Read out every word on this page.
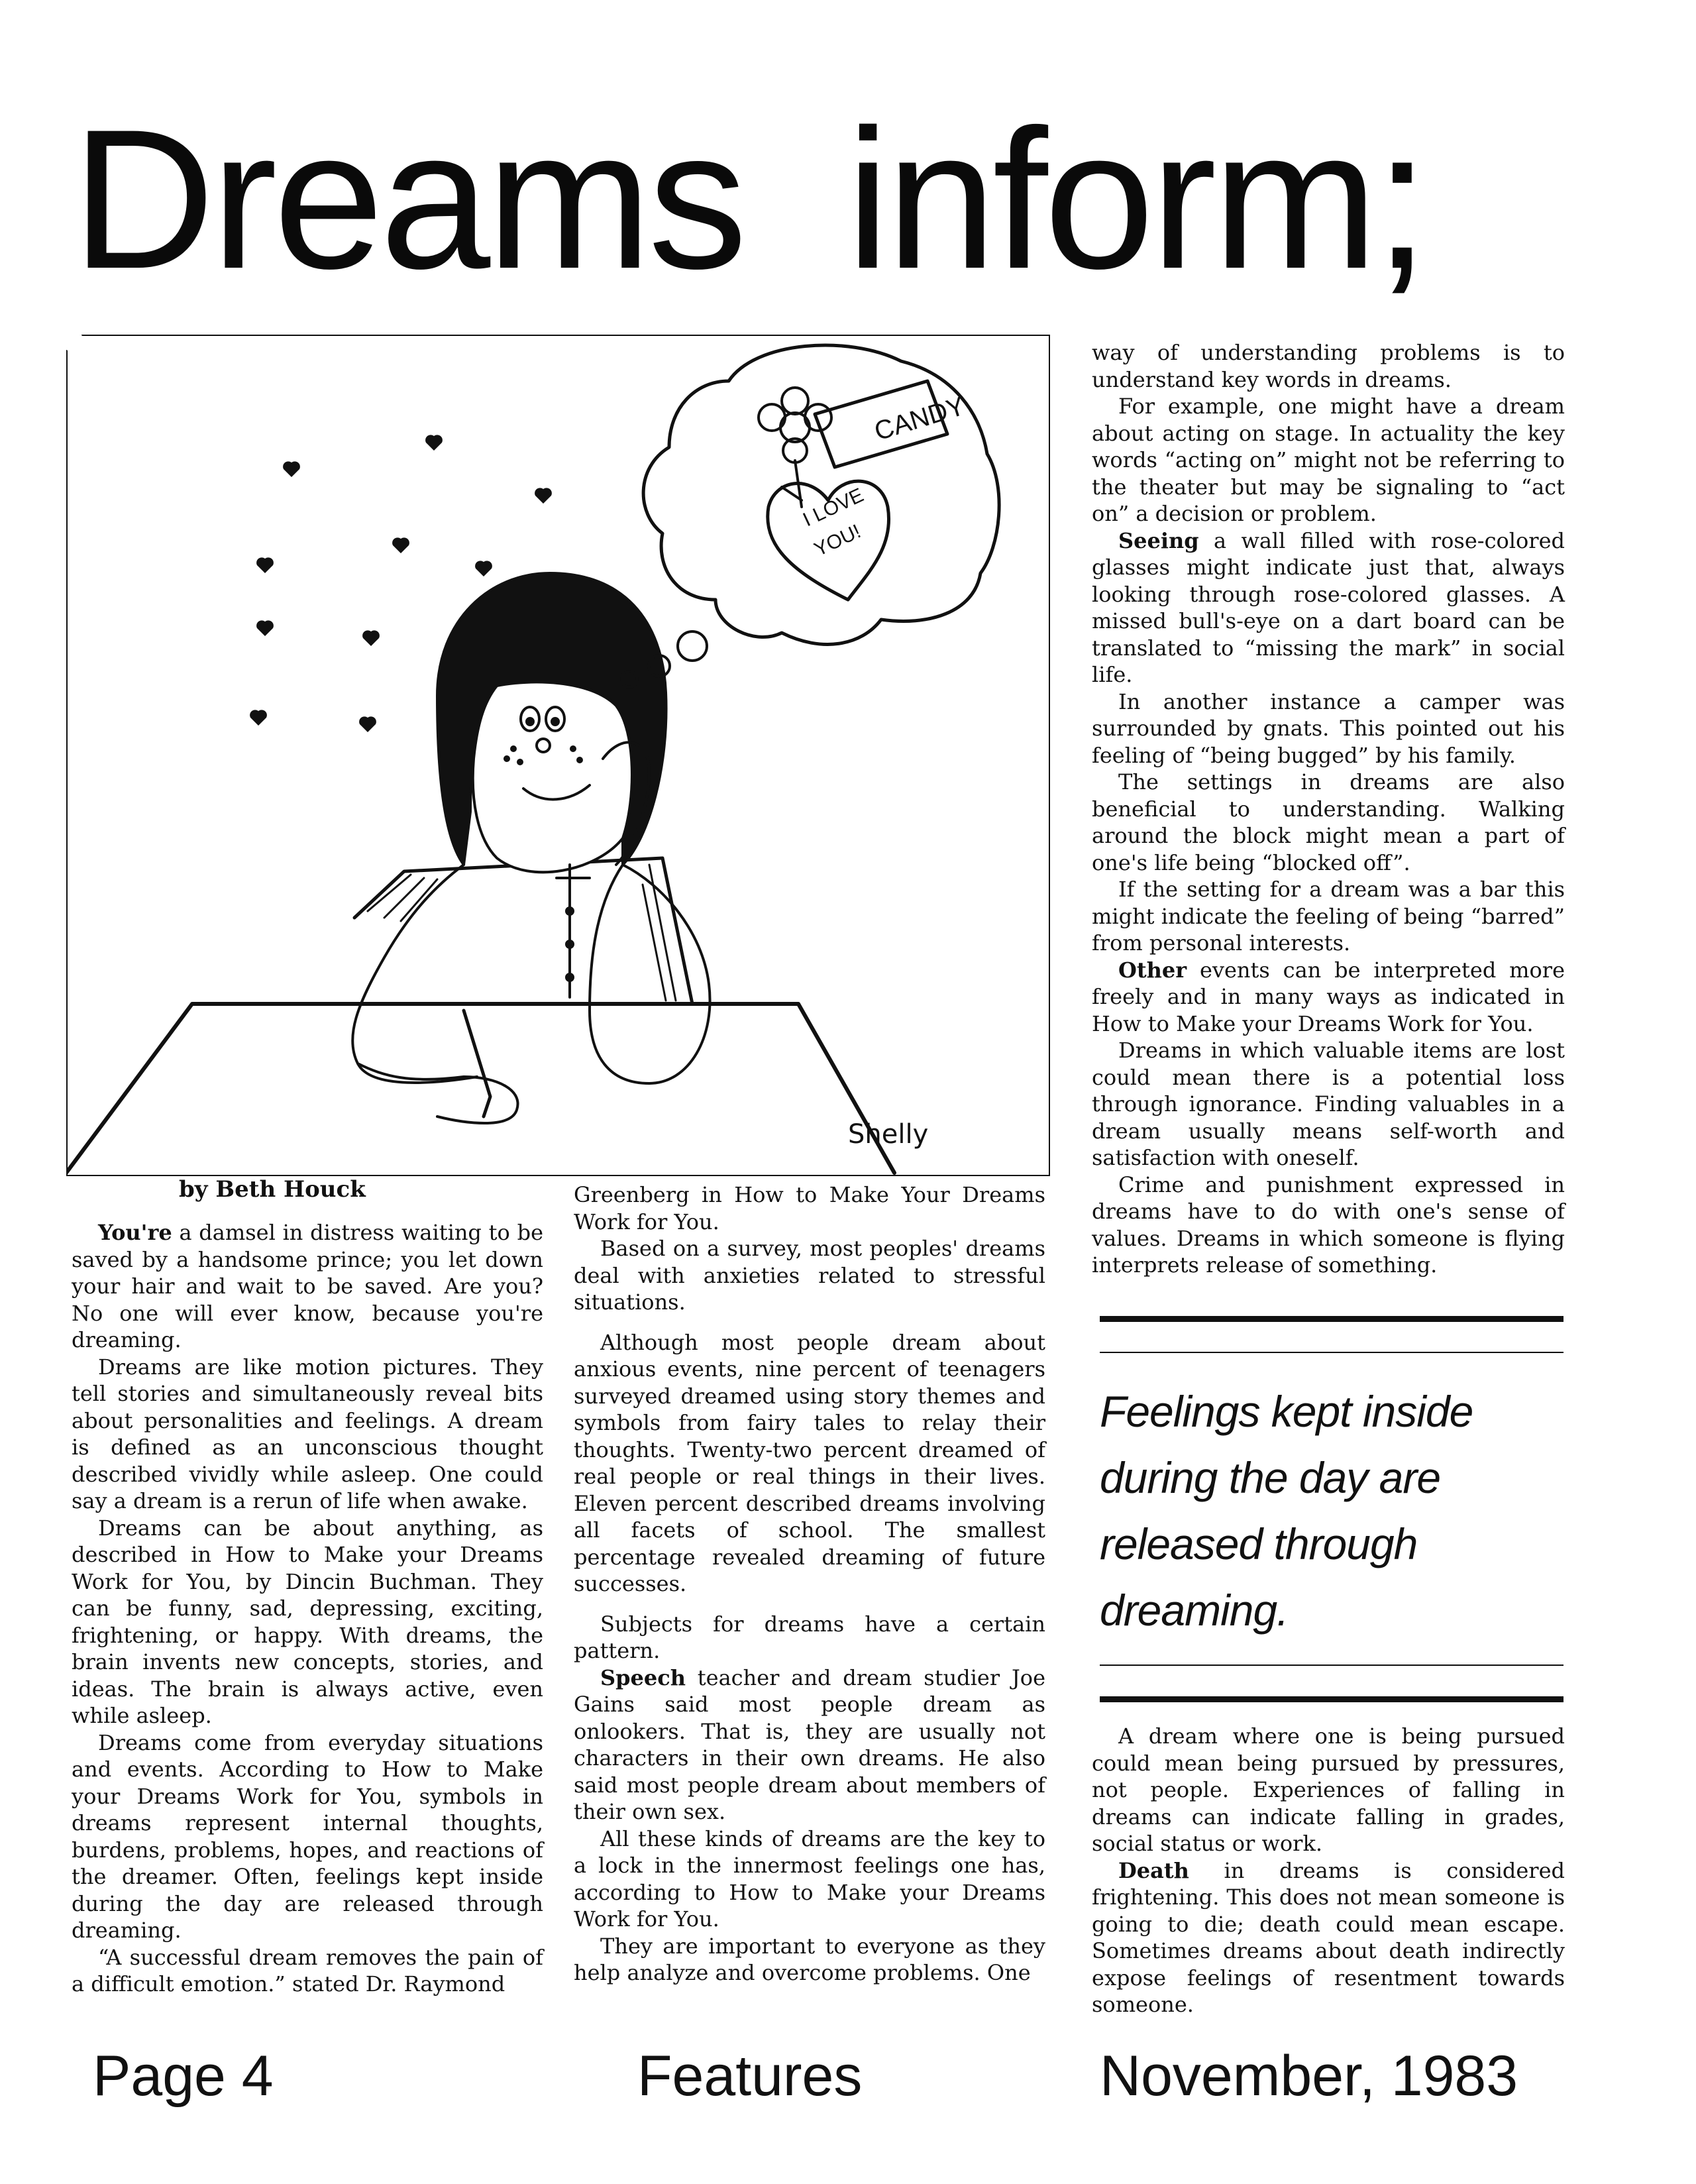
Dreams  inform;
CANDY
I LOVE
YOU!
Shelly
by Beth Houck

You're a damsel in distress waiting to be saved by a handsome prince; you let down your hair and wait to be saved. Are you? No one will ever know, because you're dreaming.

Dreams are like motion pictures. They tell stories and simultaneously reveal bits about personalities and feelings. A dream is defined as an unconscious thought described vividly while asleep. One could say a dream is a rerun of life when awake.

Dreams can be about anything, as described in How to Make your Dreams Work for You, by Dincin Buchman. They can be funny, sad, depressing, exciting, frightening, or happy. With dreams, the brain invents new concepts, stories, and ideas. The brain is always active, even while asleep.

Dreams come from everyday situations and events. According to How to Make your Dreams Work for You, symbols in dreams represent internal thoughts, burdens, problems, hopes, and reactions of the dreamer. Often, feelings kept inside during the day are released through dreaming.

“A successful dream removes the pain of a difficult emotion.” stated Dr. Raymond

Greenberg in How to Make Your Dreams Work for You.

Based on a survey, most peoples' dreams deal with anxieties related to stressful situations.

Although most people dream about anxious events, nine percent of teenagers surveyed dreamed using story themes and symbols from fairy tales to relay their thoughts. Twenty-two percent dreamed of real people or real things in their lives. Eleven percent described dreams involving all facets of school. The smallest percentage revealed dreaming of future successes.

Subjects for dreams have a certain pattern.

Speech teacher and dream studier Joe Gains said most people dream as onlookers. That is, they are usually not characters in their own dreams. He also said most people dream about members of their own sex.

All these kinds of dreams are the key to a lock in the innermost feelings one has, according to How to Make your Dreams Work for You.

They are important to everyone as they help analyze and overcome problems. One

way of understanding problems is to understand key words in dreams.

For example, one might have a dream about acting on stage. In actuality the key words “acting on” might not be referring to the theater but may be signaling to “act on” a decision or problem.

Seeing a wall filled with rose-colored glasses might indicate just that, always looking through rose-colored glasses. A missed bull's-eye on a dart board can be translated to “missing the mark” in social life.

In another instance a camper was surrounded by gnats. This pointed out his feeling of “being bugged” by his family.

The settings in dreams are also beneficial to understanding. Walking around the block might mean a part of one's life being “blocked off”.

If the setting for a dream was a bar this might indicate the feeling of being “barred” from personal interests.

Other events can be interpreted more freely and in many ways as indicated in How to Make your Dreams Work for You.

Dreams in which valuable items are lost could mean there is a potential loss through ignorance. Finding valuables in a dream usually means self-worth and satisfaction with oneself.

Crime and punishment expressed in dreams have to do with one's sense of values. Dreams in which someone is flying interprets release of something.

Feelings kept inside during the day are released through dreaming.

A dream where one is being pursued could mean being pursued by pressures, not people. Experiences of falling in dreams can indicate falling in grades, social status or work.

Death in dreams is considered frightening. This does not mean someone is going to die; death could mean escape. Sometimes dreams about death indirectly expose feelings of resentment towards someone.

Page 4	Features	November, 1983
